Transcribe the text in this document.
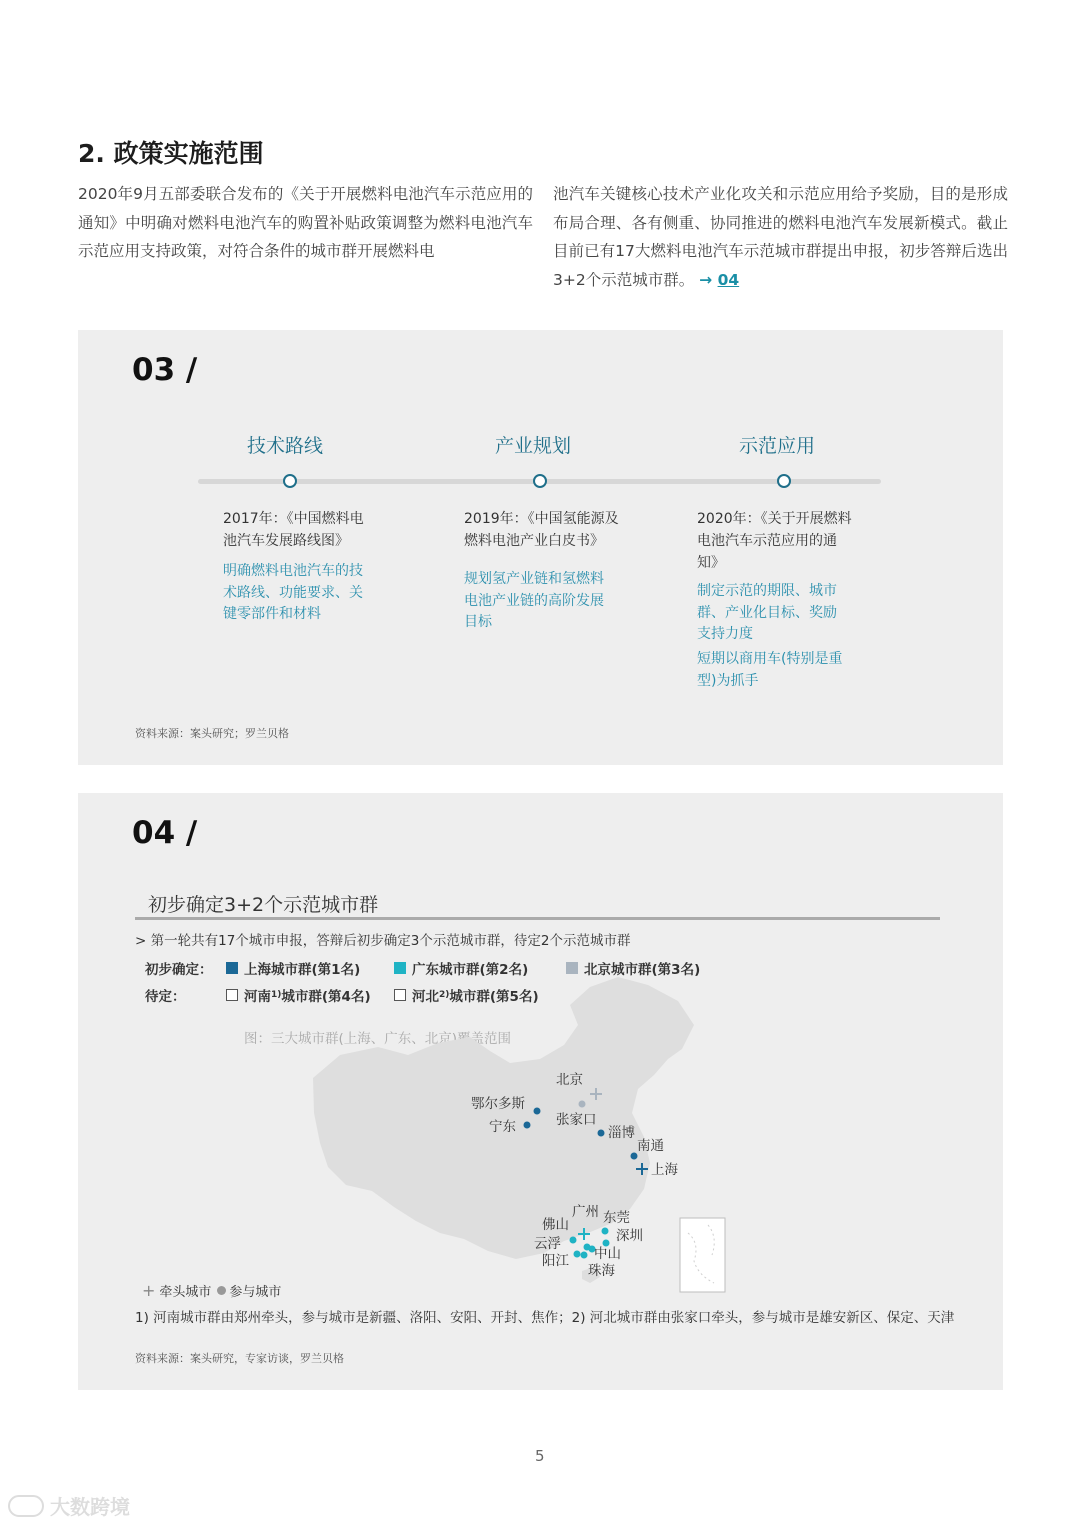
2. 政策实施范围
2020年9月五部委联合发布的《关于开展燃料电池汽车示范应用的通知》中明确对燃料电池汽车的购置补贴政策调整为燃料电池汽车示范应用支持政策，对符合条件的城市群开展燃料电
池汽车关键核心技术产业化攻关和示范应用给予奖励，目的是形成布局合理、各有侧重、协同推进的燃料电池汽车发展新模式。截止目前已有17大燃料电池汽车示范城市群提出申报，初步答辩后选出3+2个示范城市群。 → 04
03 /
技术路线	产业规划	示范应用
2017年：《中国燃料电池汽车发展路线图》
明确燃料电池汽车的技术路线、功能要求、关键零部件和材料
2019年：《中国氢能源及燃料电池产业白皮书》
规划氢产业链和氢燃料电池产业链的高阶发展目标
2020年：《关于开展燃料电池汽车示范应用的通知》
制定示范的期限、城市群、产业化目标、奖励支持力度
短期以商用车(特别是重型)为抓手
资料来源：案头研究；罗兰贝格
04 /
初步确定3+2个示范城市群
> 第一轮共有17个城市申报，答辩后初步确定3个示范城市群，待定2个示范城市群
初步确定： 上海城市群(第1名)	广东城市群(第2名)	北京城市群(第3名)
待定：	河南 1) 城市群(第4名)	河北 2) 城市群(第5名)
图：三大城市群(上海、广东、北京)覆盖范围
北京
张家口
鄂尔多斯
宁东	淄博
南通
上海
广州 东莞
佛山
深圳
云浮
中山
阳江
珠海
+ 牵头城市 参与城市
1) 河南城市群由郑州牵头，参与城市是新疆、洛阳、安阳、开封、焦作；2) 河北城市群由张家口牵头，参与城市是雄安新区、保定、天津
资料来源：案头研究，专家访谈，罗兰贝格
5
大数跨境
